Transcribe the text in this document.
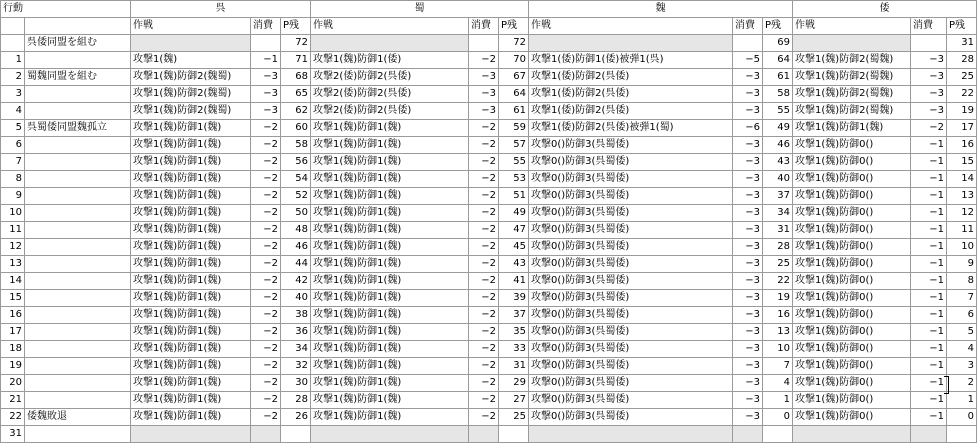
行動		呉			蜀			魏			倭		
		作戦	消費	P残	作戦	消費	P残	作戦	消費	P残	作戦	消費	P残
	呉倭同盟を組む			72			72			69			31
1		攻撃1(魏)	−1	71	攻撃1(魏)防御1(倭)	−2	70	攻撃1(倭)防御1(倭)被弾1(呉)	−5	64	攻撃1(魏)防御2(蜀魏)	−3	28
2	蜀魏同盟を組む	攻撃1(魏)防御2(魏蜀)	−3	68	攻撃2(倭)防御2(呉倭)	−3	67	攻撃1(倭)防御2(呉倭)	−3	61	攻撃1(魏)防御2(蜀魏)	−3	25
3		攻撃1(魏)防御2(魏蜀)	−3	65	攻撃2(倭)防御2(呉倭)	−3	64	攻撃1(倭)防御2(呉倭)	−3	58	攻撃1(魏)防御2(蜀魏)	−3	22
4		攻撃1(魏)防御2(魏蜀)	−3	62	攻撃2(倭)防御2(呉倭)	−3	61	攻撃1(倭)防御2(呉倭)	−3	55	攻撃1(魏)防御2(蜀魏)	−3	19
5	呉蜀倭同盟魏孤立	攻撃1(魏)防御1(魏)	−2	60	攻撃1(魏)防御1(魏)	−2	59	攻撃1(倭)防御2(呉倭)被弾1(蜀)	−6	49	攻撃1(魏)防御1(魏)	−2	17
6		攻撃1(魏)防御1(魏)	−2	58	攻撃1(魏)防御1(魏)	−2	57	攻撃0()防御3(呉蜀倭)	−3	46	攻撃1(魏)防御0()	−1	16
7		攻撃1(魏)防御1(魏)	−2	56	攻撃1(魏)防御1(魏)	−2	55	攻撃0()防御3(呉蜀倭)	−3	43	攻撃1(魏)防御0()	−1	15
8		攻撃1(魏)防御1(魏)	−2	54	攻撃1(魏)防御1(魏)	−2	53	攻撃0()防御3(呉蜀倭)	−3	40	攻撃1(魏)防御0()	−1	14
9		攻撃1(魏)防御1(魏)	−2	52	攻撃1(魏)防御1(魏)	−2	51	攻撃0()防御3(呉蜀倭)	−3	37	攻撃1(魏)防御0()	−1	13
10		攻撃1(魏)防御1(魏)	−2	50	攻撃1(魏)防御1(魏)	−2	49	攻撃0()防御3(呉蜀倭)	−3	34	攻撃1(魏)防御0()	−1	12
11		攻撃1(魏)防御1(魏)	−2	48	攻撃1(魏)防御1(魏)	−2	47	攻撃0()防御3(呉蜀倭)	−3	31	攻撃1(魏)防御0()	−1	11
12		攻撃1(魏)防御1(魏)	−2	46	攻撃1(魏)防御1(魏)	−2	45	攻撃0()防御3(呉蜀倭)	−3	28	攻撃1(魏)防御0()	−1	10
13		攻撃1(魏)防御1(魏)	−2	44	攻撃1(魏)防御1(魏)	−2	43	攻撃0()防御3(呉蜀倭)	−3	25	攻撃1(魏)防御0()	−1	9
14		攻撃1(魏)防御1(魏)	−2	42	攻撃1(魏)防御1(魏)	−2	41	攻撃0()防御3(呉蜀倭)	−3	22	攻撃1(魏)防御0()	−1	8
15		攻撃1(魏)防御1(魏)	−2	40	攻撃1(魏)防御1(魏)	−2	39	攻撃0()防御3(呉蜀倭)	−3	19	攻撃1(魏)防御0()	−1	7
16		攻撃1(魏)防御1(魏)	−2	38	攻撃1(魏)防御1(魏)	−2	37	攻撃0()防御3(呉蜀倭)	−3	16	攻撃1(魏)防御0()	−1	6
17		攻撃1(魏)防御1(魏)	−2	36	攻撃1(魏)防御1(魏)	−2	35	攻撃0()防御3(呉蜀倭)	−3	13	攻撃1(魏)防御0()	−1	5
18		攻撃1(魏)防御1(魏)	−2	34	攻撃1(魏)防御1(魏)	−2	33	攻撃0()防御3(呉蜀倭)	−3	10	攻撃1(魏)防御0()	−1	4
19		攻撃1(魏)防御1(魏)	−2	32	攻撃1(魏)防御1(魏)	−2	31	攻撃0()防御3(呉蜀倭)	−3	7	攻撃1(魏)防御0()	−1	3
20		攻撃1(魏)防御1(魏)	−2	30	攻撃1(魏)防御1(魏)	−2	29	攻撃0()防御3(呉蜀倭)	−3	4	攻撃1(魏)防御0()	−1	2
21		攻撃1(魏)防御1(魏)	−2	28	攻撃1(魏)防御1(魏)	−2	27	攻撃0()防御3(呉蜀倭)	−3	1	攻撃1(魏)防御0()	−1	1
22	倭魏敗退	攻撃1(魏)防御1(魏)	−2	26	攻撃1(魏)防御1(魏)	−2	25	攻撃0()防御3(呉蜀倭)	−3	0	攻撃1(魏)防御0()	−1	0
31													
